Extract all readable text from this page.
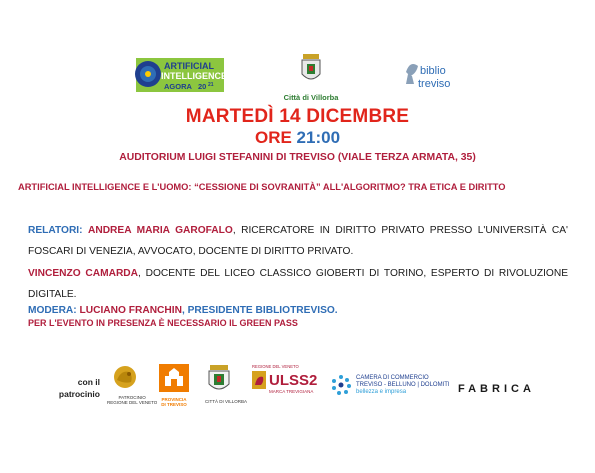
ARTIFICIAL
INTELLIGENCE
AGORA 20 21
Città di Villorba
biblio
treviso
MARTEDÌ 14 DICEMBRE
ORE 21:00
AUDITORIUM LUIGI STEFANINI DI TREVISO (VIALE TERZA ARMATA, 35)
ARTIFICIAL INTELLIGENCE E L'UOMO: “CESSIONE DI SOVRANITÀ” ALL'ALGORITMO? TRA ETICA E DIRITTO
RELATORI: ANDREA MARIA GAROFALO, RICERCATORE IN DIRITTO PRIVATO PRESSO L'UNIVERSITÀ CA' FOSCARI DI VENEZIA, AVVOCATO, DOCENTE DI DIRITTO PRIVATO.
VINCENZO CAMARDA, DOCENTE DEL LICEO CLASSICO GIOBERTI DI TORINO, ESPERTO DI RIVOLUZIONE DIGITALE.
MODERA: LUCIANO FRANCHIN, PRESIDENTE BIBLIOTREVISO.
PER L'EVENTO IN PRESENZA È NECESSARIO IL GREEN PASS
con il
patrocinio	PATROCINIO
REGIONE DEL VENETO
PROVINCIA
DI TREVISO
CITTÀ DI VILLORBA
REGIONE DEL VENETO
ULSS2
MARCA TREVIGIANA
CAMERA DI COMMERCIO
TREVISO - BELLUNO | DOLOMITI
bellezza e impresa	FABRICA
